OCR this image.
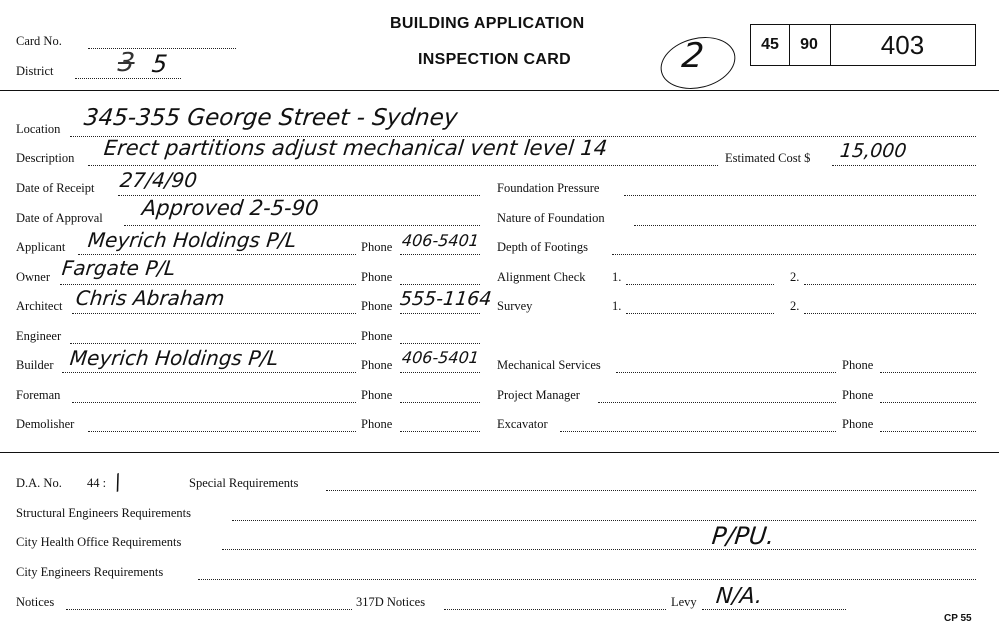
Card No.
District 3 5
BUILDING APPLICATION
INSPECTION CARD	2	45	90	403
Location 345-355 George Street - Sydney
Description Erect partitions adjust mechanical vent level 14	Estimated Cost $ 15,000
Date of Receipt 27/4/90
Date of Approval Approved 2-5-90
Applicant Meyrich Holdings P/L	Phone 406-5401
Owner Fargate P/L	Phone
Architect Chris Abraham	Phone 555-1164
Engineer	Phone
Builder Meyrich Holdings P/L	Phone 406-5401
Foreman	Phone
Demolisher	Phone
Foundation Pressure
Nature of Foundation
Depth of Footings
Alignment Check 1.	2.
Survey	1.	2.
Mechanical Services	Phone
Project Manager	Phone
Excavator	Phone
D.A. No. 44 : /	Special Requirements
Structural Engineers Requirements
City Health Office Requirements	P/PU.
City Engineers Requirements
Notices	317D Notices	Levy N/A.
CP 55
